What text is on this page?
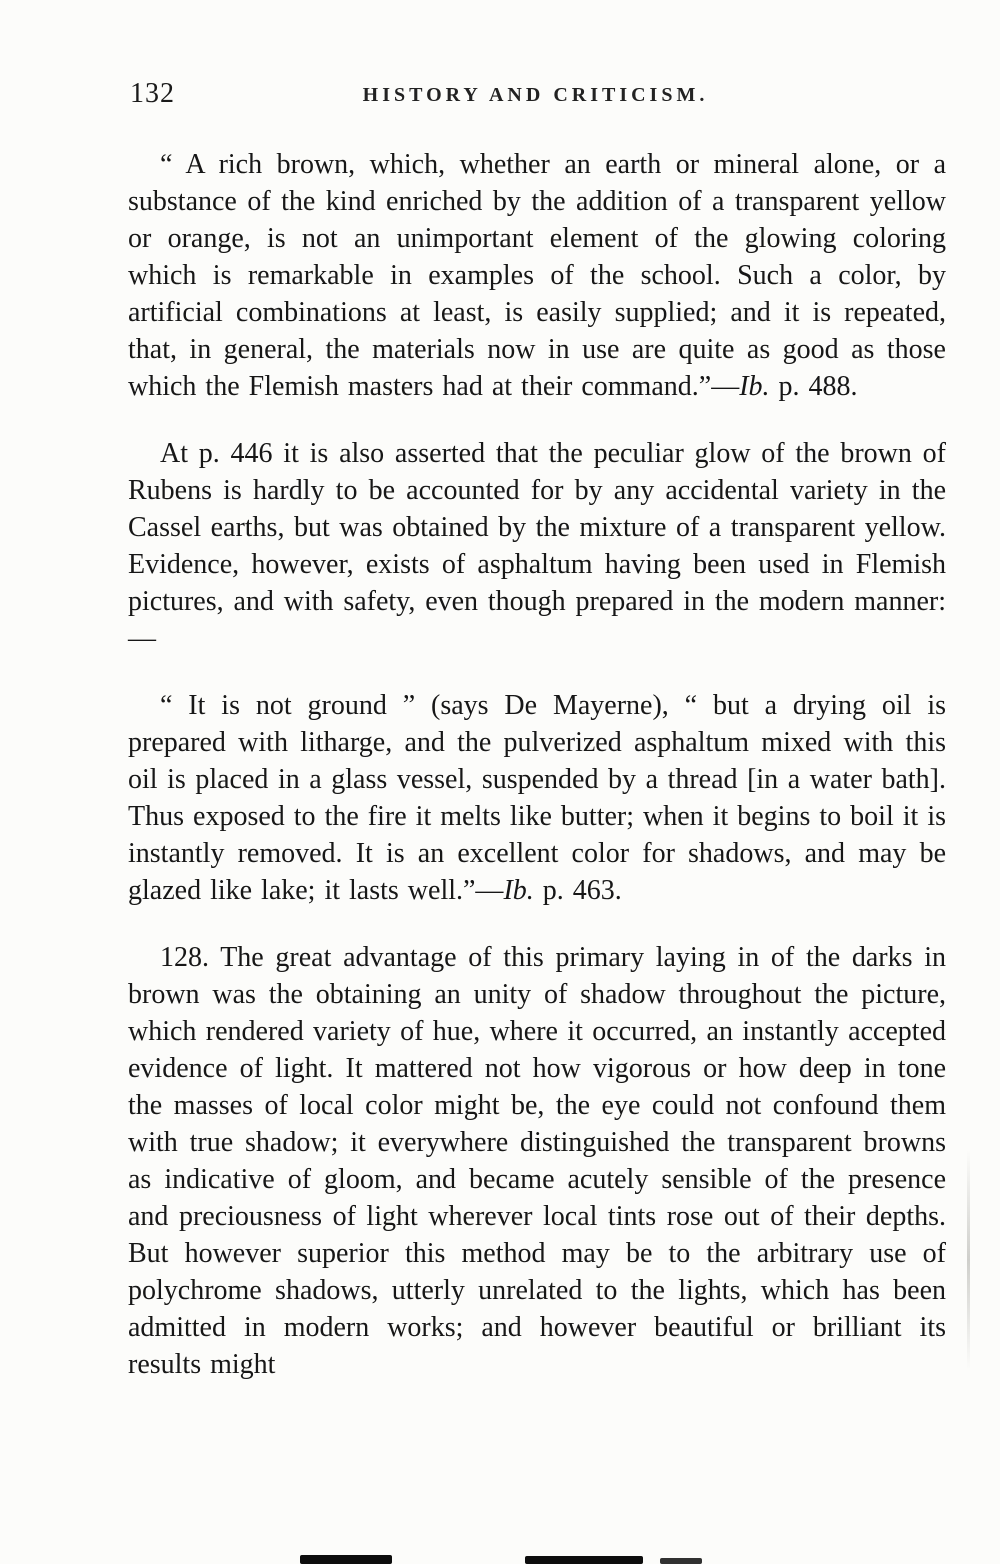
132	HISTORY AND CRITICISM.

“ A rich brown, which, whether an earth or mineral alone, or a substance of the kind enriched by the addition of a transparent yellow or orange, is not an unimportant element of the glowing coloring which is remarkable in examples of the school. Such a color, by artificial combinations at least, is easily supplied; and it is repeated, that, in general, the materials now in use are quite as good as those which the Flemish masters had at their command.”—Ib. p. 488.

At p. 446 it is also asserted that the peculiar glow of the brown of Rubens is hardly to be accounted for by any accidental variety in the Cassel earths, but was obtained by the mixture of a transparent yellow. Evidence, however, exists of asphaltum having been used in Flemish pictures, and with safety, even though prepared in the modern manner:—

“ It is not ground ” (says De Mayerne), “ but a drying oil is prepared with litharge, and the pulverized asphaltum mixed with this oil is placed in a glass vessel, suspended by a thread [in a water bath]. Thus exposed to the fire it melts like butter; when it begins to boil it is instantly removed. It is an excellent color for shadows, and may be glazed like lake; it lasts well.”—Ib. p. 463.

128. The great advantage of this primary laying in of the darks in brown was the obtaining an unity of shadow throughout the picture, which rendered variety of hue, where it occurred, an instantly accepted evidence of light. It mattered not how vigorous or how deep in tone the masses of local color might be, the eye could not confound them with true shadow; it everywhere distinguished the transparent browns as indicative of gloom, and became acutely sensible of the presence and preciousness of light wherever local tints rose out of their depths. But however superior this method may be to the arbitrary use of polychrome shadows, utterly unrelated to the lights, which has been admitted in modern works; and however beautiful or brilliant its results might
